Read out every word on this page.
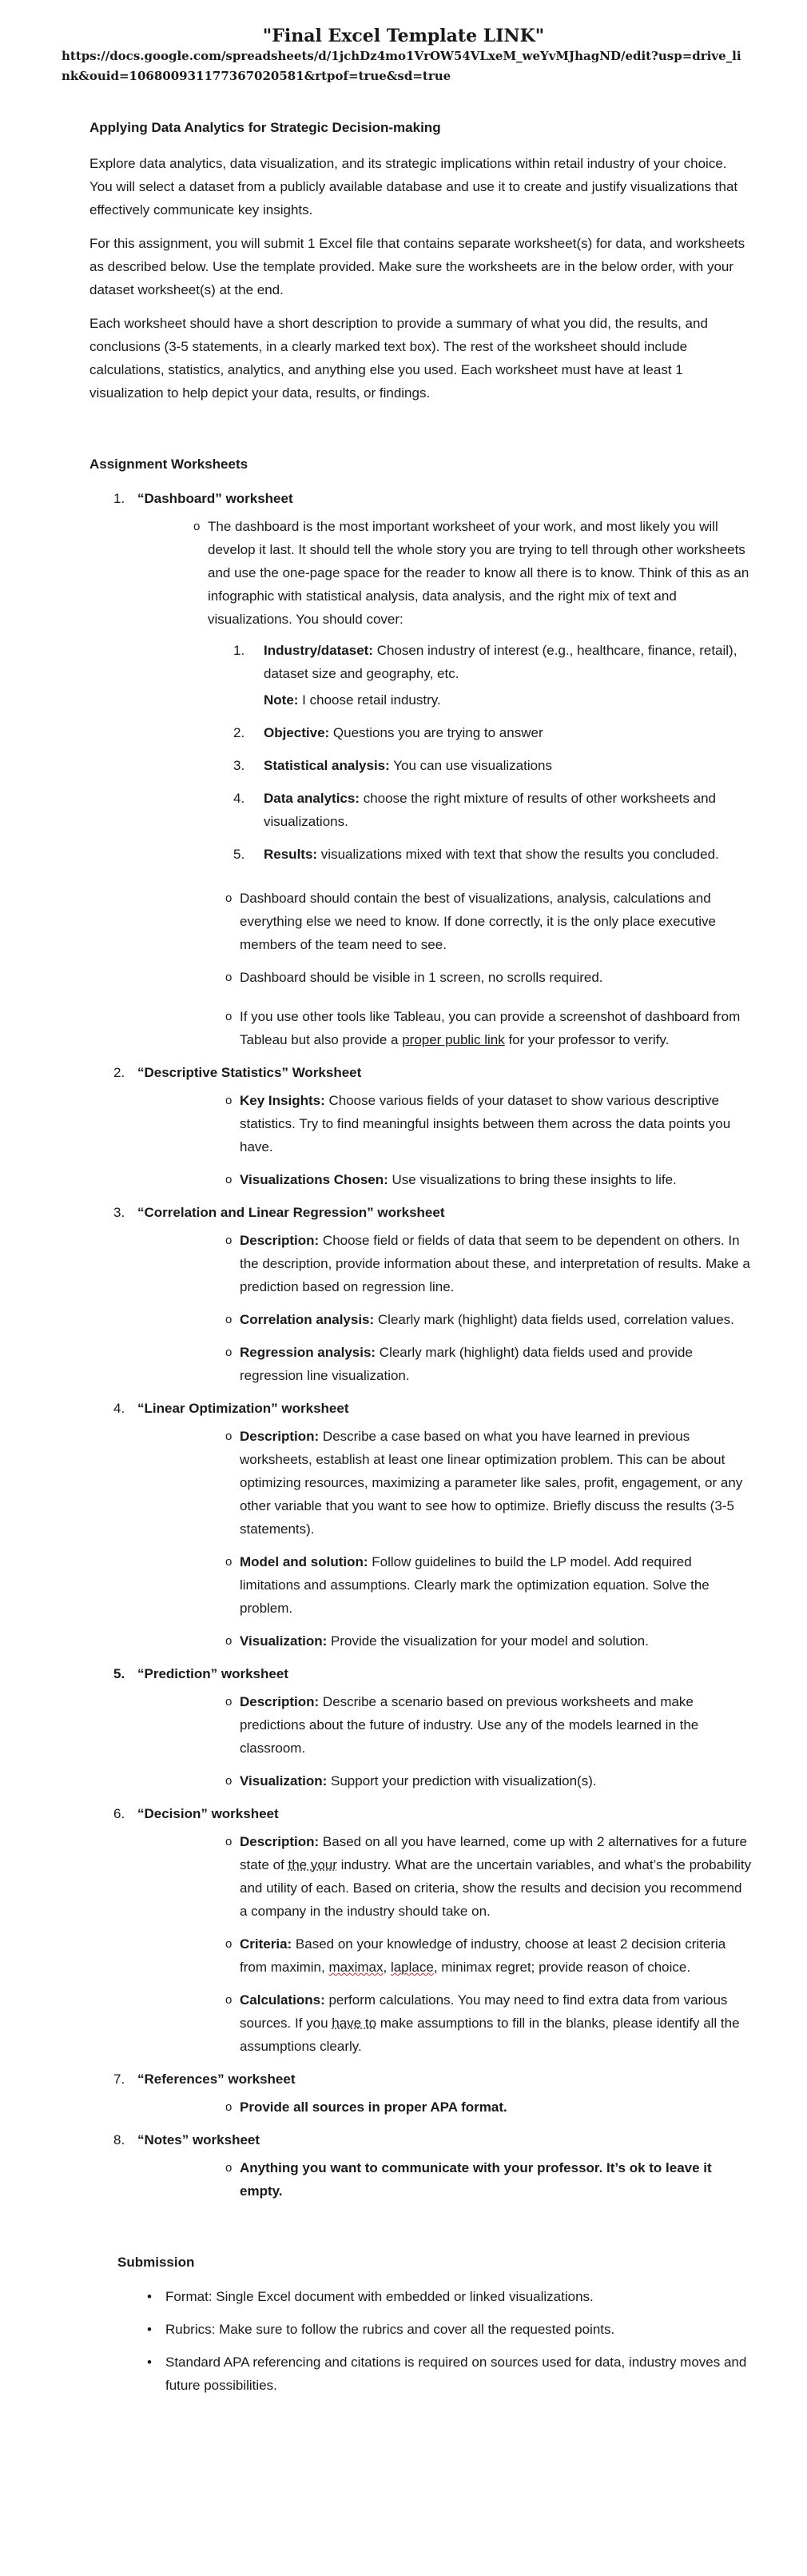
"Final Excel Template LINK"
https://docs.google.com/spreadsheets/d/1jchDz4mo1VrOW54VLxeM_weYvMJhagND/edit?usp=drive_link&ouid=106800931177367020581&rtpof=true&sd=true
Applying Data Analytics for Strategic Decision-making

Explore data analytics, data visualization, and its strategic implications within retail industry of your choice. You will select a dataset from a publicly available database and use it to create and justify visualizations that effectively communicate key insights.

For this assignment, you will submit 1 Excel file that contains separate worksheet(s) for data, and worksheets as described below. Use the template provided. Make sure the worksheets are in the below order, with your dataset worksheet(s) at the end.

Each worksheet should have a short description to provide a summary of what you did, the results, and conclusions (3-5 statements, in a clearly marked text box). The rest of the worksheet should include calculations, statistics, analytics, and anything else you used. Each worksheet must have at least 1 visualization to help depict your data, results, or findings.

Assignment Worksheets
1. “Dashboard” worksheet
o The dashboard is the most important worksheet of your work, and most likely you will develop it last. It should tell the whole story you are trying to tell through other worksheets and use the one-page space for the reader to know all there is to know. Think of this as an infographic with statistical analysis, data analysis, and the right mix of text and visualizations. You should cover:
1. Industry/dataset: Chosen industry of interest (e.g., healthcare, finance, retail), dataset size and geography, etc.
Note: I choose retail industry.
2. Objective: Questions you are trying to answer
3. Statistical analysis: You can use visualizations
4. Data analytics: choose the right mixture of results of other worksheets and visualizations.
5. Results: visualizations mixed with text that show the results you concluded.
o Dashboard should contain the best of visualizations, analysis, calculations and everything else we need to know. If done correctly, it is the only place executive members of the team need to see.
o Dashboard should be visible in 1 screen, no scrolls required.
o If you use other tools like Tableau, you can provide a screenshot of dashboard from Tableau but also provide a proper public link for your professor to verify.
2. “Descriptive Statistics” Worksheet
o Key Insights: Choose various fields of your dataset to show various descriptive statistics. Try to find meaningful insights between them across the data points you have.
o Visualizations Chosen: Use visualizations to bring these insights to life.
3. “Correlation and Linear Regression” worksheet
o Description: Choose field or fields of data that seem to be dependent on others. In the description, provide information about these, and interpretation of results. Make a prediction based on regression line.
o Correlation analysis: Clearly mark (highlight) data fields used, correlation values.
o Regression analysis: Clearly mark (highlight) data fields used and provide regression line visualization.
4. “Linear Optimization” worksheet
o Description: Describe a case based on what you have learned in previous worksheets, establish at least one linear optimization problem. This can be about optimizing resources, maximizing a parameter like sales, profit, engagement, or any other variable that you want to see how to optimize. Briefly discuss the results (3-5 statements).
o Model and solution: Follow guidelines to build the LP model. Add required limitations and assumptions. Clearly mark the optimization equation. Solve the problem.
o Visualization: Provide the visualization for your model and solution.
5. “Prediction” worksheet
o Description: Describe a scenario based on previous worksheets and make predictions about the future of industry. Use any of the models learned in the classroom.
o Visualization: Support your prediction with visualization(s).
6. “Decision” worksheet
o Description: Based on all you have learned, come up with 2 alternatives for a future state of the your industry. What are the uncertain variables, and what’s the probability and utility of each. Based on criteria, show the results and decision you recommend a company in the industry should take on.
o Criteria: Based on your knowledge of industry, choose at least 2 decision criteria from maximin, maximax, laplace, minimax regret; provide reason of choice.
o Calculations: perform calculations. You may need to find extra data from various sources. If you have to make assumptions to fill in the blanks, please identify all the assumptions clearly.
7. “References” worksheet
o Provide all sources in proper APA format.
8. “Notes” worksheet
o Anything you want to communicate with your professor. It’s ok to leave it empty.
Submission
• Format: Single Excel document with embedded or linked visualizations.
• Rubrics: Make sure to follow the rubrics and cover all the requested points.
• Standard APA referencing and citations is required on sources used for data, industry moves and future possibilities.
